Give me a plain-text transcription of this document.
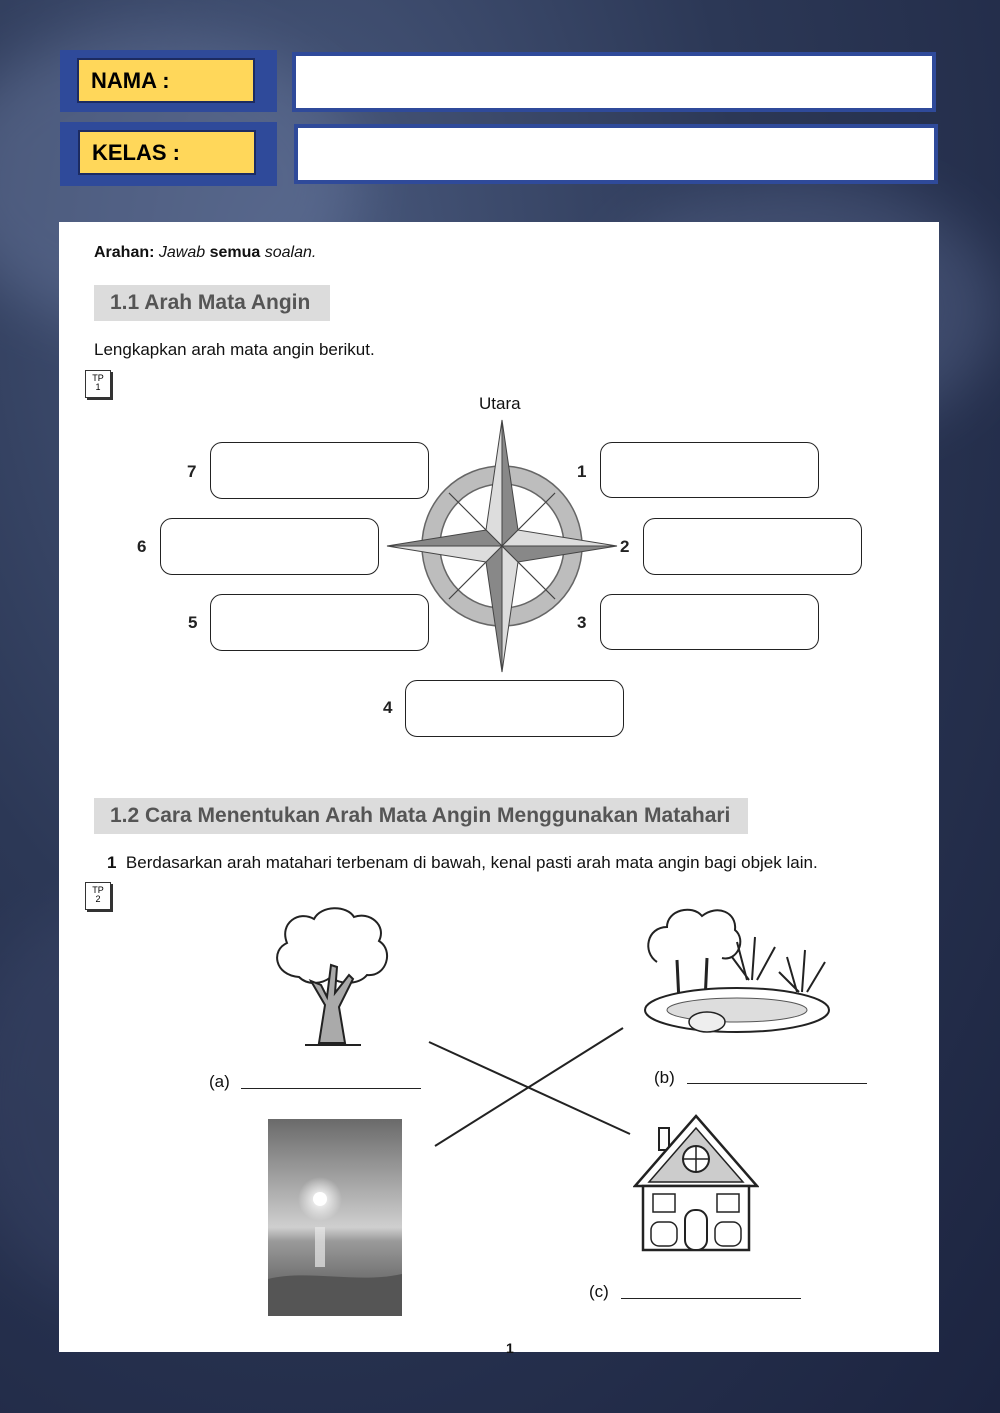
NAMA :
KELAS :
Arahan: Jawab semua soalan.
1.1 Arah Mata Angin
Lengkapkan arah mata angin berikut.
TP
1
Utara
1
2
3
4
5
6
7
1.2 Cara Menentukan Arah Mata Angin Menggunakan Matahari
1 Berdasarkan arah matahari terbenam di bawah, kenal pasti arah mata angin bagi objek lain.
TP
2
(a)	(b)
(c)
1
